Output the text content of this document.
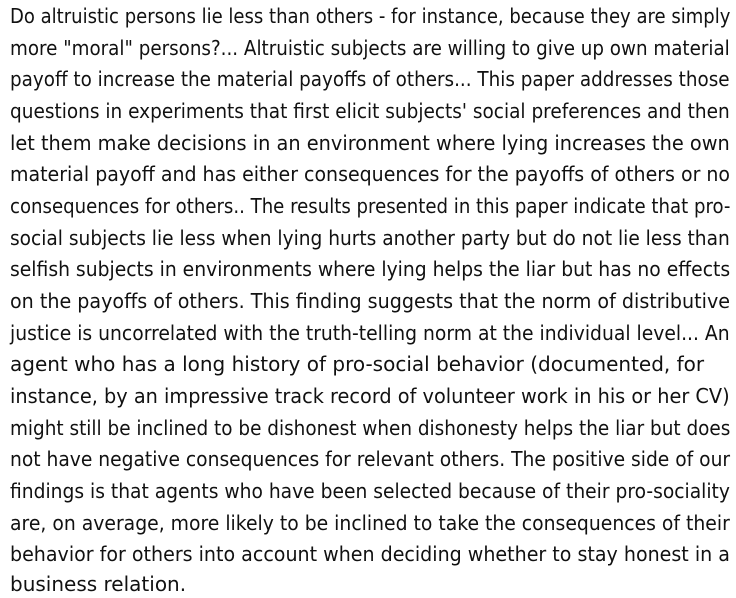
Do altruistic persons lie less than others - for instance, because they are simply
more "moral" persons?... Altruistic subjects are willing to give up own material
payoff to increase the material payoffs of others... This paper addresses those
questions in experiments that first elicit subjects' social preferences and then
let them make decisions in an environment where lying increases the own
material payoff and has either consequences for the payoffs of others or no
consequences for others.. The results presented in this paper indicate that pro-
social subjects lie less when lying hurts another party but do not lie less than
selfish subjects in environments where lying helps the liar but has no effects
on the payoffs of others. This finding suggests that the norm of distributive
justice is uncorrelated with the truth-telling norm at the individual level... An
agent who has a long history of pro-social behavior (documented, for
instance, by an impressive track record of volunteer work in his or her CV)
might still be inclined to be dishonest when dishonesty helps the liar but does
not have negative consequences for relevant others. The positive side of our
findings is that agents who have been selected because of their pro-sociality
are, on average, more likely to be inclined to take the consequences of their
behavior for others into account when deciding whether to stay honest in a
business relation.
